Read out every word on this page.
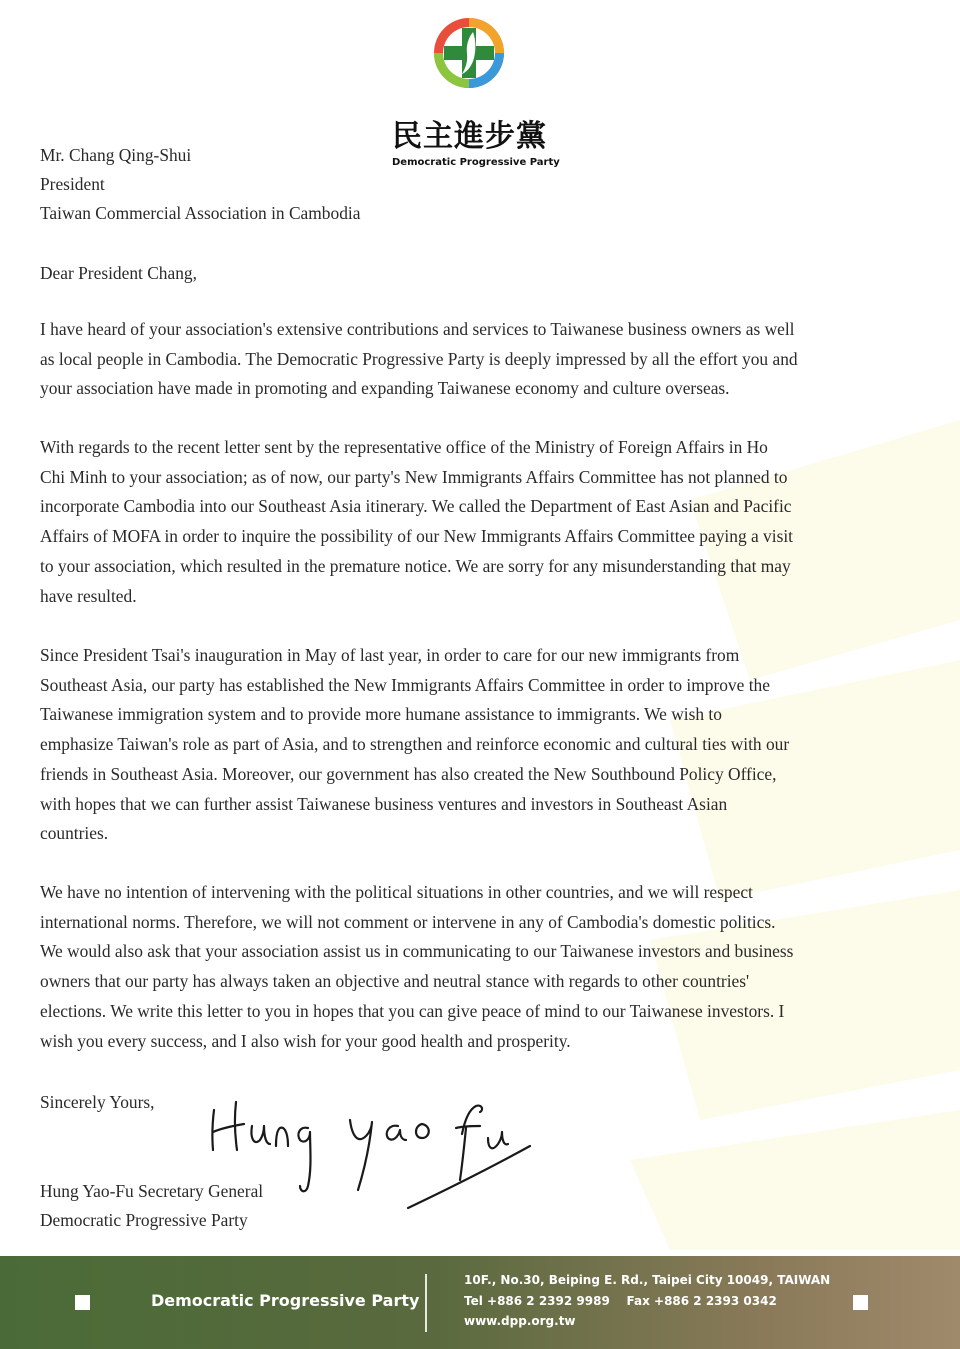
民主進步黨
Democratic Progressive Party
Mr. Chang Qing-Shui
President
Taiwan Commercial Association in Cambodia
Dear President Chang,
I have heard of your association's extensive contributions and services to Taiwanese business owners as well
as local people in Cambodia. The Democratic Progressive Party is deeply impressed by all the effort you and
your association have made in promoting and expanding Taiwanese economy and culture overseas.
With regards to the recent letter sent by the representative office of the Ministry of Foreign Affairs in Ho
Chi Minh to your association; as of now, our party's New Immigrants Affairs Committee has not planned to
incorporate Cambodia into our Southeast Asia itinerary. We called the Department of East Asian and Pacific
Affairs of MOFA in order to inquire the possibility of our New Immigrants Affairs Committee paying a visit
to your association, which resulted in the premature notice. We are sorry for any misunderstanding that may
have resulted.
Since President Tsai's inauguration in May of last year, in order to care for our new immigrants from
Southeast Asia, our party has established the New Immigrants Affairs Committee in order to improve the
Taiwanese immigration system and to provide more humane assistance to immigrants. We wish to
emphasize Taiwan's role as part of Asia, and to strengthen and reinforce economic and cultural ties with our
friends in Southeast Asia. Moreover, our government has also created the New Southbound Policy Office,
with hopes that we can further assist Taiwanese business ventures and investors in Southeast Asian
countries.
We have no intention of intervening with the political situations in other countries, and we will respect
international norms. Therefore, we will not comment or intervene in any of Cambodia's domestic politics.
We would also ask that your association assist us in communicating to our Taiwanese investors and business
owners that our party has always taken an objective and neutral stance with regards to other countries'
elections. We write this letter to you in hopes that you can give peace of mind to our Taiwanese investors. I
wish you every success, and I also wish for your good health and prosperity.
Sincerely Yours,
Hung Yao-Fu Secretary General
Democratic Progressive Party
Democratic Progressive Party
10F., No.30, Beiping E. Rd., Taipei City 10049, TAIWAN
Tel +886 2 2392 9989    Fax +886 2 2393 0342
www.dpp.org.tw
